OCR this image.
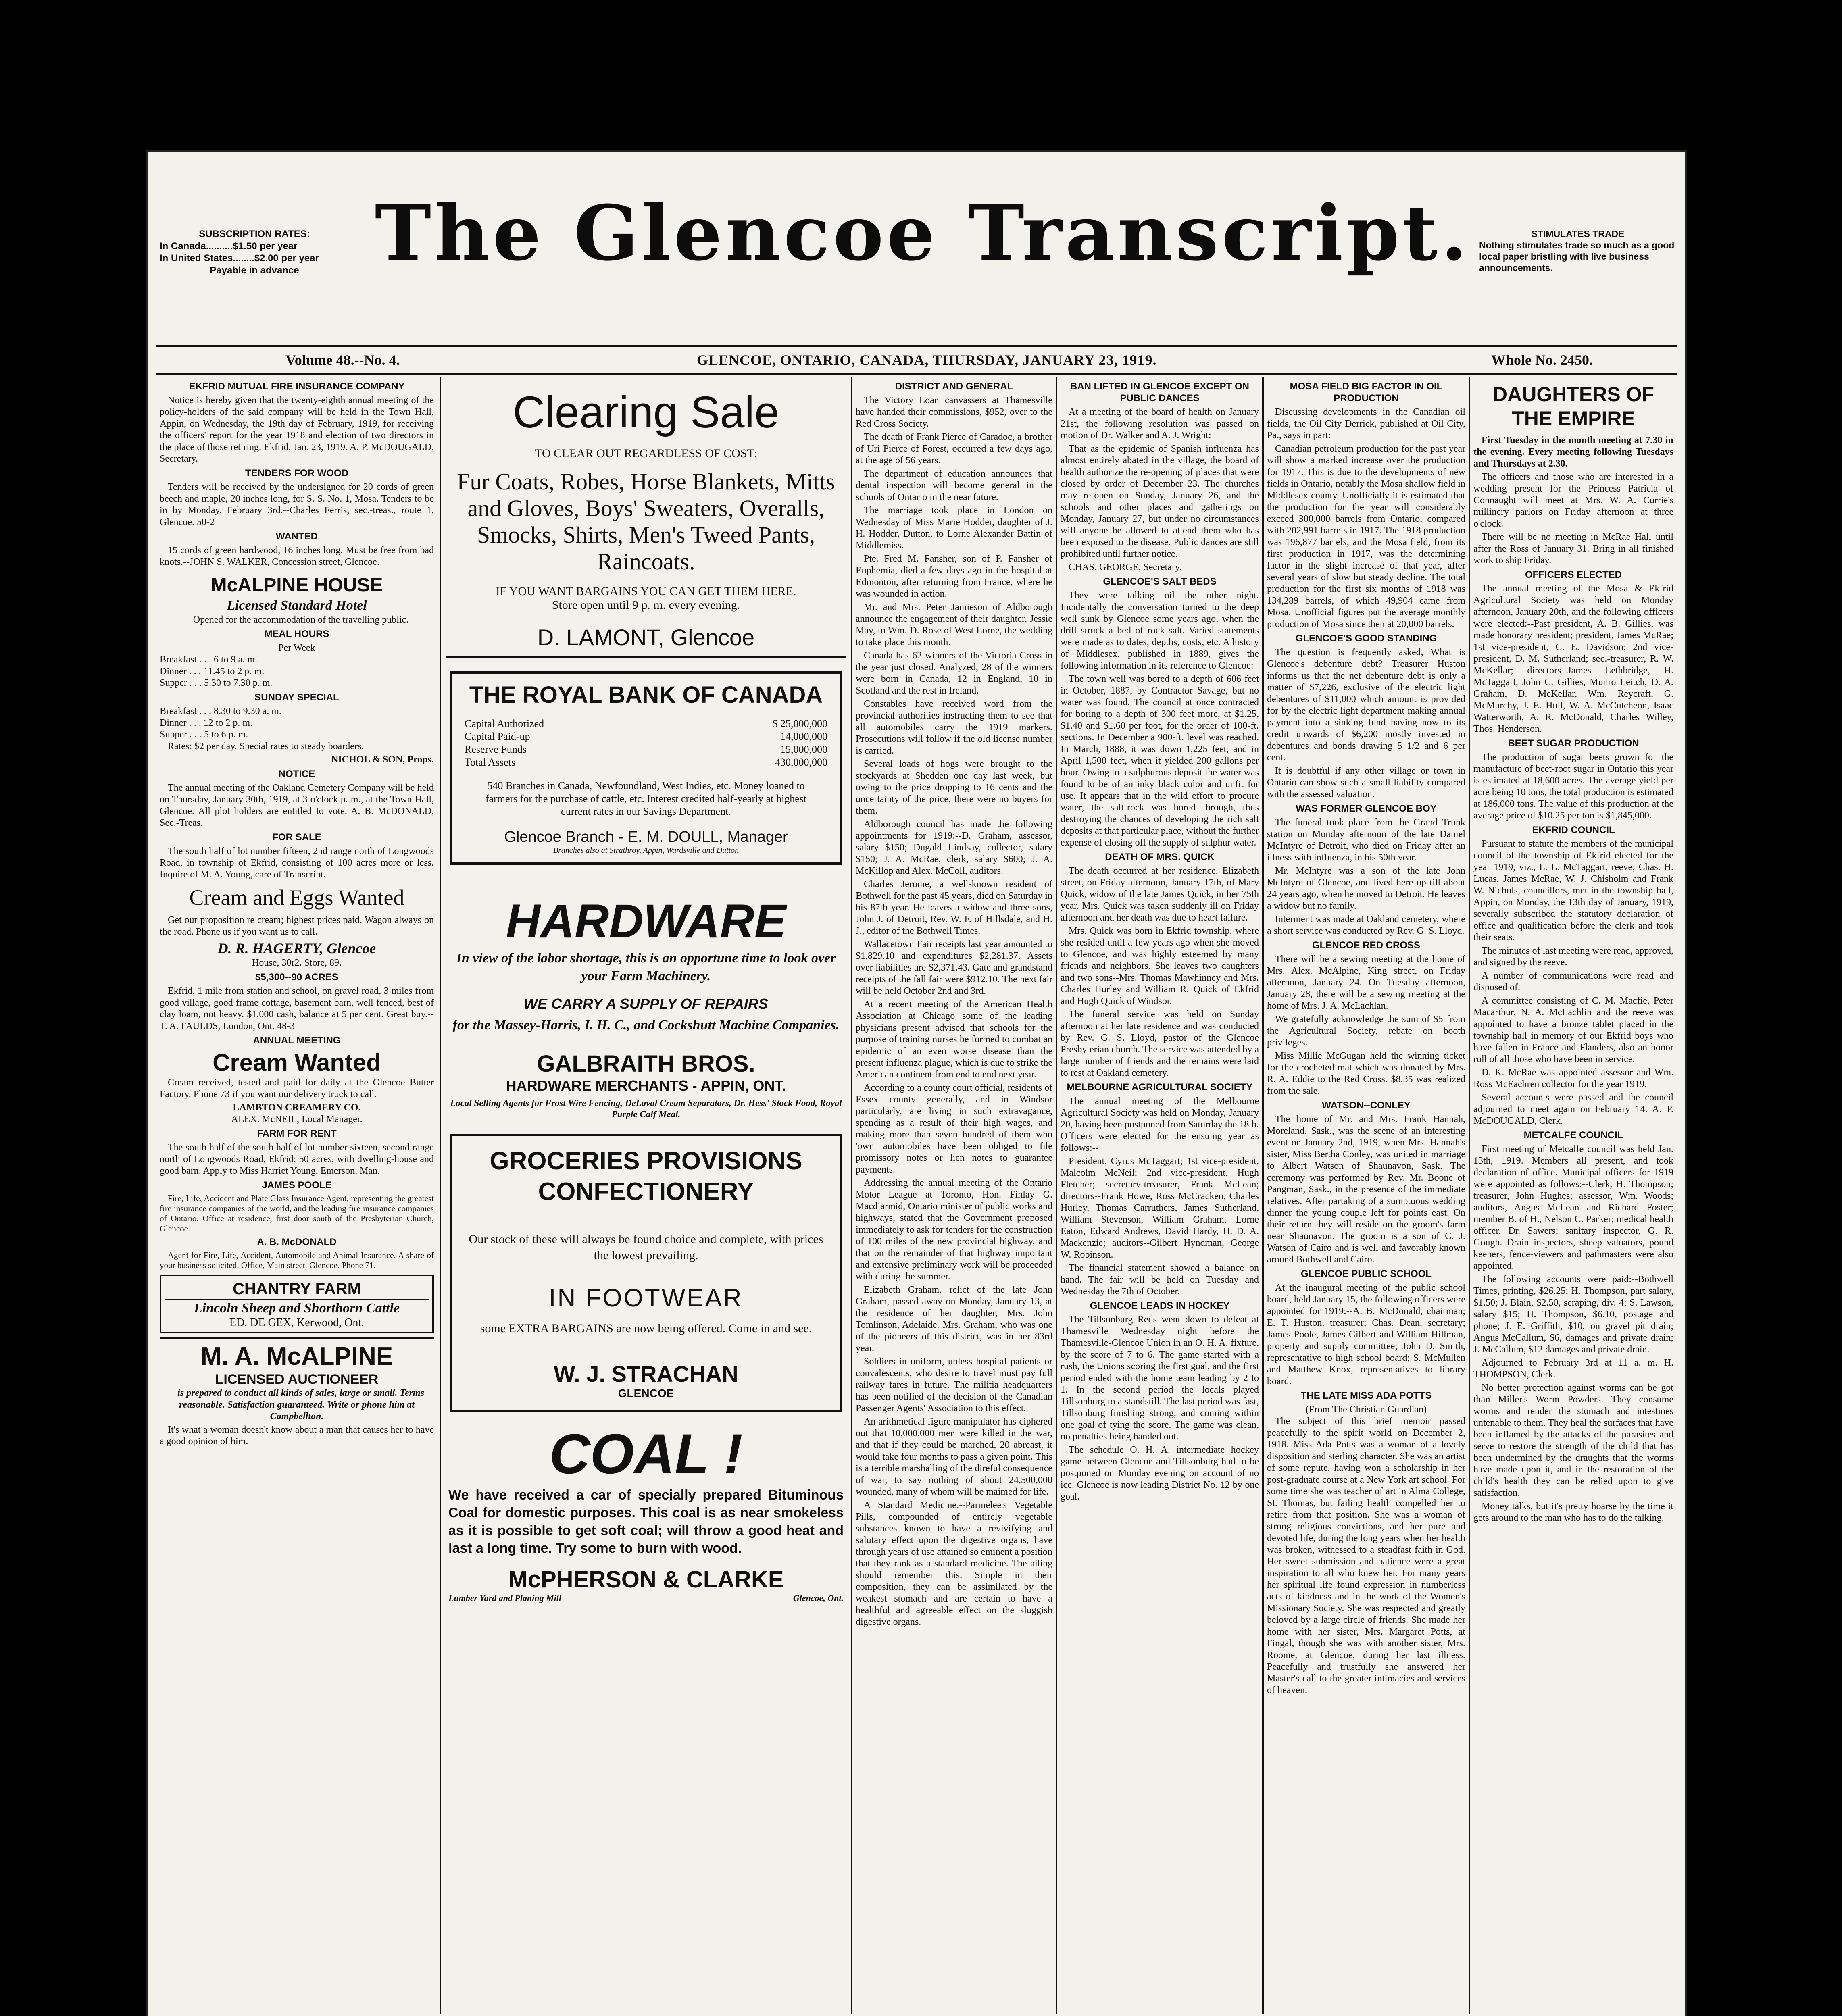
SUBSCRIPTION RATES:
In Canada..........$1.50 per year
In United States........$2.00 per year
Payable in advance The Glencoe Transcript.	STIMULATES TRADE
Nothing stimulates trade so much as a good local paper bristling with live business announcements.
Volume 48.--No. 4.	GLENCOE, ONTARIO, CANADA, THURSDAY, JANUARY 23, 1919.	Whole No. 2450.
EKFRID MUTUAL FIRE INSURANCE COMPANY

Notice is hereby given that the twenty-eighth annual meeting of the policy-holders of the said company will be held in the Town Hall, Appin, on Wednesday, the 19th day of February, 1919, for receiving the officers' report for the year 1918 and election of two directors in the place of those retiring. Ekfrid, Jan. 23, 1919. A. P. McDOUGALD, Secretary.

TENDERS FOR WOOD

Tenders will be received by the undersigned for 20 cords of green beech and maple, 20 inches long, for S. S. No. 1, Mosa. Tenders to be in by Monday, February 3rd.--Charles Ferris, sec.-treas., route 1, Glencoe. 50-2

WANTED

15 cords of green hardwood, 16 inches long. Must be free from bad knots.--JOHN S. WALKER, Concession street, Glencoe.

McALPINE HOUSE
Licensed Standard Hotel

Opened for the accommodation of the travelling public.

MEAL HOURS
Per Week
Breakfast . . . 6 to 9 a. m.
Dinner . . . 11.45 to 2 p. m.
Supper . . . 5.30 to 7.30 p. m.
SUNDAY SPECIAL
Breakfast . . . 8.30 to 9.30 a. m.
Dinner . . . 12 to 2 p. m.
Supper . . . 5 to 6 p. m.

Rates: $2 per day. Special rates to steady boarders.

NICHOL & SON, Props.
NOTICE

The annual meeting of the Oakland Cemetery Company will be held on Thursday, January 30th, 1919, at 3 o'clock p. m., at the Town Hall, Glencoe. All plot holders are entitled to vote. A. B. McDONALD, Sec.-Treas.

FOR SALE

The south half of lot number fifteen, 2nd range north of Longwoods Road, in township of Ekfrid, consisting of 100 acres more or less. Inquire of M. A. Young, care of Transcript.

Cream and Eggs Wanted

Get our proposition re cream; highest prices paid. Wagon always on the road. Phone us if you want us to call.

D. R. HAGERTY, Glencoe
House, 30r2. Store, 89.
$5,300--90 ACRES

Ekfrid, 1 mile from station and school, on gravel road, 3 miles from good village, good frame cottage, basement barn, well fenced, best of clay loam, not heavy. $1,000 cash, balance at 5 per cent. Great buy.--T. A. FAULDS, London, Ont. 48-3

ANNUAL MEETING
Cream Wanted

Cream received, tested and paid for daily at the Glencoe Butter Factory. Phone 73 if you want our delivery truck to call.

LAMBTON CREAMERY CO.
ALEX. McNEIL, Local Manager.
FARM FOR RENT

The south half of the south half of lot number sixteen, second range north of Longwoods Road, Ekfrid; 50 acres, with dwelling-house and good barn. Apply to Miss Harriet Young, Emerson, Man.

JAMES POOLE

Fire, Life, Accident and Plate Glass Insurance Agent, representing the greatest fire insurance companies of the world, and the leading fire insurance companies of Ontario. Office at residence, first door south of the Presbyterian Church, Glencoe.

A. B. McDONALD

Agent for Fire, Life, Accident, Automobile and Animal Insurance. A share of your business solicited. Office, Main street, Glencoe. Phone 71.

CHANTRY FARM
Lincoln Sheep and Shorthorn Cattle
ED. DE GEX, Kerwood, Ont.
M. A. McALPINE
LICENSED AUCTIONEER

is prepared to conduct all kinds of sales, large or small. Terms reasonable. Satisfaction guaranteed. Write or phone him at Campbellton.

It's what a woman doesn't know about a man that causes her to have a good opinion of him.

Clearing Sale
TO CLEAR OUT REGARDLESS OF COST:
Fur Coats, Robes, Horse Blankets, Mitts and Gloves, Boys' Sweaters, Overalls, Smocks, Shirts, Men's Tweed Pants, Raincoats.
IF YOU WANT BARGAINS YOU CAN GET THEM HERE.
Store open until 9 p. m. every evening.
D. LAMONT, Glencoe
THE ROYAL BANK OF CANADA
Capital Authorized	$ 25,000,000
Capital Paid-up	14,000,000
Reserve Funds	15,000,000
Total Assets	430,000,000
540 Branches in Canada, Newfoundland, West Indies, etc. Money loaned to farmers for the purchase of cattle, etc. Interest credited half-yearly at highest current rates in our Savings Department.
Glencoe Branch - E. M. DOULL, Manager
Branches also at Strathroy, Appin, Wardsville and Dutton
HARDWARE
In view of the labor shortage, this is an opportune time to look over your Farm Machinery.
WE CARRY A SUPPLY OF REPAIRS
for the Massey-Harris, I. H. C., and Cockshutt Machine Companies.
GALBRAITH BROS.
HARDWARE MERCHANTS - APPIN, ONT.
Local Selling Agents for Frost Wire Fencing, DeLaval Cream Separators, Dr. Hess' Stock Food, Royal Purple Calf Meal.
GROCERIES PROVISIONS CONFECTIONERY
Our stock of these will always be found choice and complete, with prices the lowest prevailing.
IN FOOTWEAR
some EXTRA BARGAINS are now being offered. Come in and see.
W. J. STRACHAN
GLENCOE
COAL !
We have received a car of specially prepared Bituminous Coal for domestic purposes. This coal is as near smokeless as it is possible to get soft coal; will throw a good heat and last a long time. Try some to burn with wood.
McPHERSON & CLARKE
Lumber Yard and Planing Mill	Glencoe, Ont.
DISTRICT AND GENERAL

The Victory Loan canvassers at Thamesville have handed their commissions, $952, over to the Red Cross Society.

The death of Frank Pierce of Caradoc, a brother of Uri Pierce of Forest, occurred a few days ago, at the age of 56 years.

The department of education announces that dental inspection will become general in the schools of Ontario in the near future.

The marriage took place in London on Wednesday of Miss Marie Hodder, daughter of J. H. Hodder, Dutton, to Lorne Alexander Battin of Middlemiss.

Pte. Fred M. Fansher, son of P. Fansher of Euphemia, died a few days ago in the hospital at Edmonton, after returning from France, where he was wounded in action.

Mr. and Mrs. Peter Jamieson of Aldborough announce the engagement of their daughter, Jessie May, to Wm. D. Rose of West Lorne, the wedding to take place this month.

Canada has 62 winners of the Victoria Cross in the year just closed. Analyzed, 28 of the winners were born in Canada, 12 in England, 10 in Scotland and the rest in Ireland.

Constables have received word from the provincial authorities instructing them to see that all automobiles carry the 1919 markers. Prosecutions will follow if the old license number is carried.

Several loads of hogs were brought to the stockyards at Shedden one day last week, but owing to the price dropping to 16 cents and the uncertainty of the price, there were no buyers for them.

Aldborough council has made the following appointments for 1919:--D. Graham, assessor, salary $150; Dugald Lindsay, collector, salary $150; J. A. McRae, clerk, salary $600; J. A. McKillop and Alex. McColl, auditors.

Charles Jerome, a well-known resident of Bothwell for the past 45 years, died on Saturday in his 87th year. He leaves a widow and three sons, John J. of Detroit, Rev. W. F. of Hillsdale, and H. J., editor of the Bothwell Times.

Wallacetown Fair receipts last year amounted to $1,829.10 and expenditures $2,281.37. Assets over liabilities are $2,371.43. Gate and grandstand receipts of the fall fair were $912.10. The next fair will be held October 2nd and 3rd.

At a recent meeting of the American Health Association at Chicago some of the leading physicians present advised that schools for the purpose of training nurses be formed to combat an epidemic of an even worse disease than the present influenza plague, which is due to strike the American continent from end to end next year.

According to a county court official, residents of Essex county generally, and in Windsor particularly, are living in such extravagance, spending as a result of their high wages, and making more than seven hundred of them who 'own' automobiles have been obliged to file promissory notes or lien notes to guarantee payments.

Addressing the annual meeting of the Ontario Motor League at Toronto, Hon. Finlay G. Macdiarmid, Ontario minister of public works and highways, stated that the Government proposed immediately to ask for tenders for the construction of 100 miles of the new provincial highway, and that on the remainder of that highway important and extensive preliminary work will be proceeded with during the summer.

Elizabeth Graham, relict of the late John Graham, passed away on Monday, January 13, at the residence of her daughter, Mrs. John Tomlinson, Adelaide. Mrs. Graham, who was one of the pioneers of this district, was in her 83rd year.

Soldiers in uniform, unless hospital patients or convalescents, who desire to travel must pay full railway fares in future. The militia headquarters has been notified of the decision of the Canadian Passenger Agents' Association to this effect.

An arithmetical figure manipulator has ciphered out that 10,000,000 men were killed in the war, and that if they could be marched, 20 abreast, it would take four months to pass a given point. This is a terrible marshalling of the direful consequence of war, to say nothing of about 24,500,000 wounded, many of whom will be maimed for life.

A Standard Medicine.--Parmelee's Vegetable Pills, compounded of entirely vegetable substances known to have a revivifying and salutary effect upon the digestive organs, have through years of use attained so eminent a position that they rank as a standard medicine. The ailing should remember this. Simple in their composition, they can be assimilated by the weakest stomach and are certain to have a healthful and agreeable effect on the sluggish digestive organs.

BAN LIFTED IN GLENCOE EXCEPT ON PUBLIC DANCES

At a meeting of the board of health on January 21st, the following resolution was passed on motion of Dr. Walker and A. J. Wright:

That as the epidemic of Spanish influenza has almost entirely abated in the village, the board of health authorize the re-opening of places that were closed by order of December 23. The churches may re-open on Sunday, January 26, and the schools and other places and gatherings on Monday, January 27, but under no circumstances will anyone be allowed to attend them who has been exposed to the disease. Public dances are still prohibited until further notice.

CHAS. GEORGE, Secretary.

GLENCOE'S SALT BEDS

They were talking oil the other night. Incidentally the conversation turned to the deep well sunk by Glencoe some years ago, when the drill struck a bed of rock salt. Varied statements were made as to dates, depths, costs, etc. A history of Middlesex, published in 1889, gives the following information in its reference to Glencoe:

The town well was bored to a depth of 606 feet in October, 1887, by Contractor Savage, but no water was found. The council at once contracted for boring to a depth of 300 feet more, at $1.25, $1.40 and $1.60 per foot, for the order of 100-ft. sections. In December a 900-ft. level was reached. In March, 1888, it was down 1,225 feet, and in April 1,500 feet, when it yielded 200 gallons per hour. Owing to a sulphurous deposit the water was found to be of an inky black color and unfit for use. It appears that in the wild effort to procure water, the salt-rock was bored through, thus destroying the chances of developing the rich salt deposits at that particular place, without the further expense of closing off the supply of sulphur water.

DEATH OF MRS. QUICK

The death occurred at her residence, Elizabeth street, on Friday afternoon, January 17th, of Mary Quick, widow of the late James Quick, in her 75th year. Mrs. Quick was taken suddenly ill on Friday afternoon and her death was due to heart failure.

Mrs. Quick was born in Ekfrid township, where she resided until a few years ago when she moved to Glencoe, and was highly esteemed by many friends and neighbors. She leaves two daughters and two sons--Mrs. Thomas Mawhinney and Mrs. Charles Hurley and William R. Quick of Ekfrid and Hugh Quick of Windsor.

The funeral service was held on Sunday afternoon at her late residence and was conducted by Rev. G. S. Lloyd, pastor of the Glencoe Presbyterian church. The service was attended by a large number of friends and the remains were laid to rest at Oakland cemetery.

MELBOURNE AGRICULTURAL SOCIETY

The annual meeting of the Melbourne Agricultural Society was held on Monday, January 20, having been postponed from Saturday the 18th. Officers were elected for the ensuing year as follows:--

President, Cyrus McTaggart; 1st vice-president, Malcolm McNeil; 2nd vice-president, Hugh Fletcher; secretary-treasurer, Frank McLean; directors--Frank Howe, Ross McCracken, Charles Hurley, Thomas Carruthers, James Sutherland, William Stevenson, William Graham, Lorne Eaton, Edward Andrews, David Hardy, H. D. A. Mackenzie; auditors--Gilbert Hyndman, George W. Robinson.

The financial statement showed a balance on hand. The fair will be held on Tuesday and Wednesday the 7th of October.

GLENCOE LEADS IN HOCKEY

The Tillsonburg Reds went down to defeat at Thamesville Wednesday night before the Thamesville-Glencoe Union in an O. H. A. fixture, by the score of 7 to 6. The game started with a rush, the Unions scoring the first goal, and the first period ended with the home team leading by 2 to 1. In the second period the locals played Tillsonburg to a standstill. The last period was fast, Tillsonburg finishing strong, and coming within one goal of tying the score. The game was clean, no penalties being handed out.

The schedule O. H. A. intermediate hockey game between Glencoe and Tillsonburg had to be postponed on Monday evening on account of no ice. Glencoe is now leading District No. 12 by one goal.

MOSA FIELD BIG FACTOR IN OIL PRODUCTION

Discussing developments in the Canadian oil fields, the Oil City Derrick, published at Oil City, Pa., says in part:

Canadian petroleum production for the past year will show a marked increase over the production for 1917. This is due to the developments of new fields in Ontario, notably the Mosa shallow field in Middlesex county. Unofficially it is estimated that the production for the year will considerably exceed 300,000 barrels from Ontario, compared with 202,991 barrels in 1917. The 1918 production was 196,877 barrels, and the Mosa field, from its first production in 1917, was the determining factor in the slight increase of that year, after several years of slow but steady decline. The total production for the first six months of 1918 was 134,289 barrels, of which 49,904 came from Mosa. Unofficial figures put the average monthly production of Mosa since then at 20,000 barrels.

GLENCOE'S GOOD STANDING

The question is frequently asked, What is Glencoe's debenture debt? Treasurer Huston informs us that the net debenture debt is only a matter of $7,226, exclusive of the electric light debentures of $11,000 which amount is provided for by the electric light department making annual payment into a sinking fund having now to its credit upwards of $6,200 mostly invested in debentures and bonds drawing 5 1/2 and 6 per cent.

It is doubtful if any other village or town in Ontario can show such a small liability compared with the assessed valuation.

WAS FORMER GLENCOE BOY

The funeral took place from the Grand Trunk station on Monday afternoon of the late Daniel McIntyre of Detroit, who died on Friday after an illness with influenza, in his 50th year.

Mr. McIntyre was a son of the late John McIntyre of Glencoe, and lived here up till about 24 years ago, when he moved to Detroit. He leaves a widow but no family.

Interment was made at Oakland cemetery, where a short service was conducted by Rev. G. S. Lloyd.

GLENCOE RED CROSS

There will be a sewing meeting at the home of Mrs. Alex. McAlpine, King street, on Friday afternoon, January 24. On Tuesday afternoon, January 28, there will be a sewing meeting at the home of Mrs. J. A. McLachlan.

We gratefully acknowledge the sum of $5 from the Agricultural Society, rebate on booth privileges.

Miss Millie McGugan held the winning ticket for the crocheted mat which was donated by Mrs. R. A. Eddie to the Red Cross. $8.35 was realized from the sale.

WATSON--CONLEY

The home of Mr. and Mrs. Frank Hannah, Moreland, Sask., was the scene of an interesting event on January 2nd, 1919, when Mrs. Hannah's sister, Miss Bertha Conley, was united in marriage to Albert Watson of Shaunavon, Sask. The ceremony was performed by Rev. Mr. Boone of Pangman, Sask., in the presence of the immediate relatives. After partaking of a sumptuous wedding dinner the young couple left for points east. On their return they will reside on the groom's farm near Shaunavon. The groom is a son of C. J. Watson of Cairo and is well and favorably known around Bothwell and Cairo.

GLENCOE PUBLIC SCHOOL

At the inaugural meeting of the public school board, held January 15, the following officers were appointed for 1919:--A. B. McDonald, chairman; E. T. Huston, treasurer; Chas. Dean, secretary; James Poole, James Gilbert and William Hillman, property and supply committee; John D. Smith, representative to high school board; S. McMullen and Matthew Knox, representatives to library board.

THE LATE MISS ADA POTTS
(From The Christian Guardian)

The subject of this brief memoir passed peacefully to the spirit world on December 2, 1918. Miss Ada Potts was a woman of a lovely disposition and sterling character. She was an artist of some repute, having won a scholarship in her post-graduate course at a New York art school. For some time she was teacher of art in Alma College, St. Thomas, but failing health compelled her to retire from that position. She was a woman of strong religious convictions, and her pure and devoted life, during the long years when her health was broken, witnessed to a steadfast faith in God. Her sweet submission and patience were a great inspiration to all who knew her. For many years her spiritual life found expression in numberless acts of kindness and in the work of the Women's Missionary Society. She was respected and greatly beloved by a large circle of friends. She made her home with her sister, Mrs. Margaret Potts, at Fingal, though she was with another sister, Mrs. Roome, at Glencoe, during her last illness. Peacefully and trustfully she answered her Master's call to the greater intimacies and services of heaven.

DAUGHTERS OF THE EMPIRE

First Tuesday in the month meeting at 7.30 in the evening. Every meeting following Tuesdays and Thursdays at 2.30.

The officers and those who are interested in a wedding present for the Princess Patricia of Connaught will meet at Mrs. W. A. Currie's millinery parlors on Friday afternoon at three o'clock.

There will be no meeting in McRae Hall until after the Ross of January 31. Bring in all finished work to ship Friday.

OFFICERS ELECTED

The annual meeting of the Mosa & Ekfrid Agricultural Society was held on Monday afternoon, January 20th, and the following officers were elected:--Past president, A. B. Gillies, was made honorary president; president, James McRae; 1st vice-president, C. E. Davidson; 2nd vice-president, D. M. Sutherland; sec.-treasurer, R. W. McKellar; directors--James Lethbridge, H. McTaggart, John C. Gillies, Munro Leitch, D. A. Graham, D. McKellar, Wm. Reycraft, G. McMurchy, J. E. Hull, W. A. McCutcheon, Isaac Watterworth, A. R. McDonald, Charles Willey, Thos. Henderson.

BEET SUGAR PRODUCTION

The production of sugar beets grown for the manufacture of beet-root sugar in Ontario this year is estimated at 18,600 acres. The average yield per acre being 10 tons, the total production is estimated at 186,000 tons. The value of this production at the average price of $10.25 per ton is $1,845,000.

EKFRID COUNCIL

Pursuant to statute the members of the municipal council of the township of Ekfrid elected for the year 1919, viz., L. L. McTaggart, reeve; Chas. H. Lucas, James McRae, W. J. Chisholm and Frank W. Nichols, councillors, met in the township hall, Appin, on Monday, the 13th day of January, 1919, severally subscribed the statutory declaration of office and qualification before the clerk and took their seats.

The minutes of last meeting were read, approved, and signed by the reeve.

A number of communications were read and disposed of.

A committee consisting of C. M. Macfie, Peter Macarthur, N. A. McLachlin and the reeve was appointed to have a bronze tablet placed in the township hall in memory of our Ekfrid boys who have fallen in France and Flanders, also an honor roll of all those who have been in service.

D. K. McRae was appointed assessor and Wm. Ross McEachren collector for the year 1919.

Several accounts were passed and the council adjourned to meet again on February 14. A. P. McDOUGALD, Clerk.

METCALFE COUNCIL

First meeting of Metcalfe council was held Jan. 13th, 1919. Members all present, and took declaration of office. Municipal officers for 1919 were appointed as follows:--Clerk, H. Thompson; treasurer, John Hughes; assessor, Wm. Woods; auditors, Angus McLean and Richard Foster; member B. of H., Nelson C. Parker; medical health officer, Dr. Sawers; sanitary inspector, G. R. Gough. Drain inspectors, sheep valuators, pound keepers, fence-viewers and pathmasters were also appointed.

The following accounts were paid:--Bothwell Times, printing, $26.25; H. Thompson, part salary, $1.50; J. Blain, $2.50, scraping, div. 4; S. Lawson, salary $15; H. Thompson, $6.10, postage and phone; J. E. Griffith, $10, on gravel pit drain; Angus McCallum, $6, damages and private drain; J. McCallum, $12 damages and private drain.

Adjourned to February 3rd at 11 a. m. H. THOMPSON, Clerk.

No better protection against worms can be got than Miller's Worm Powders. They consume worms and render the stomach and intestines untenable to them. They heal the surfaces that have been inflamed by the attacks of the parasites and serve to restore the strength of the child that has been undermined by the draughts that the worms have made upon it, and in the restoration of the child's health they can be relied upon to give satisfaction.

Money talks, but it's pretty hoarse by the time it gets around to the man who has to do the talking.
